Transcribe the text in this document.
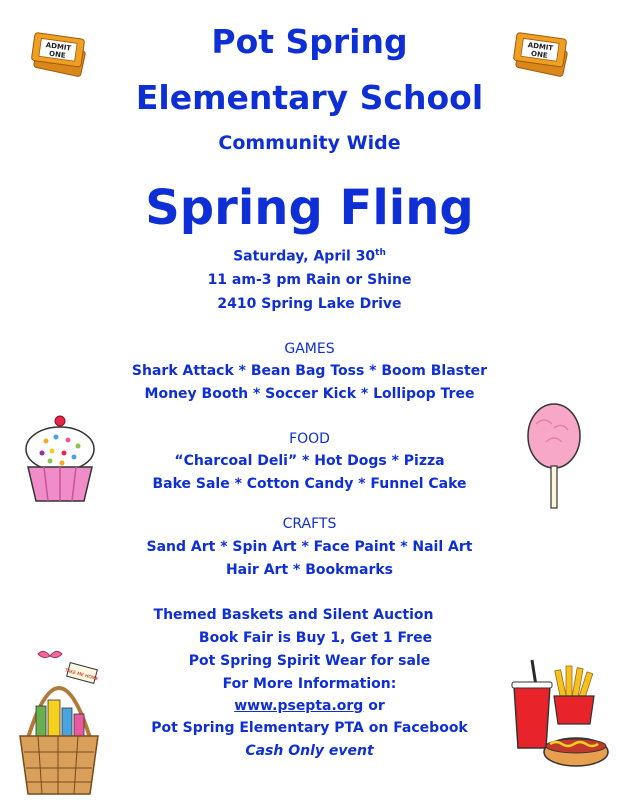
Pot Spring
Elementary School
Community Wide
Spring Fling
Saturday, April 30th
11 am-3 pm Rain or Shine
2410 Spring Lake Drive
GAMES
Shark Attack * Bean Bag Toss * Boom Blaster
Money Booth * Soccer Kick * Lollipop Tree
FOOD
“Charcoal Deli” * Hot Dogs * Pizza
Bake Sale * Cotton Candy * Funnel Cake
CRAFTS
Sand Art * Spin Art * Face Paint * Nail Art
Hair Art * Bookmarks
Themed Baskets and Silent Auction
Book Fair is Buy 1, Get 1 Free
Pot Spring Spirit Wear for sale
For More Information:
www.psepta.org or
Pot Spring Elementary PTA on Facebook
Cash Only event
ADMIT
ONE
ADMIT
ONE
TAKE ME HOME
